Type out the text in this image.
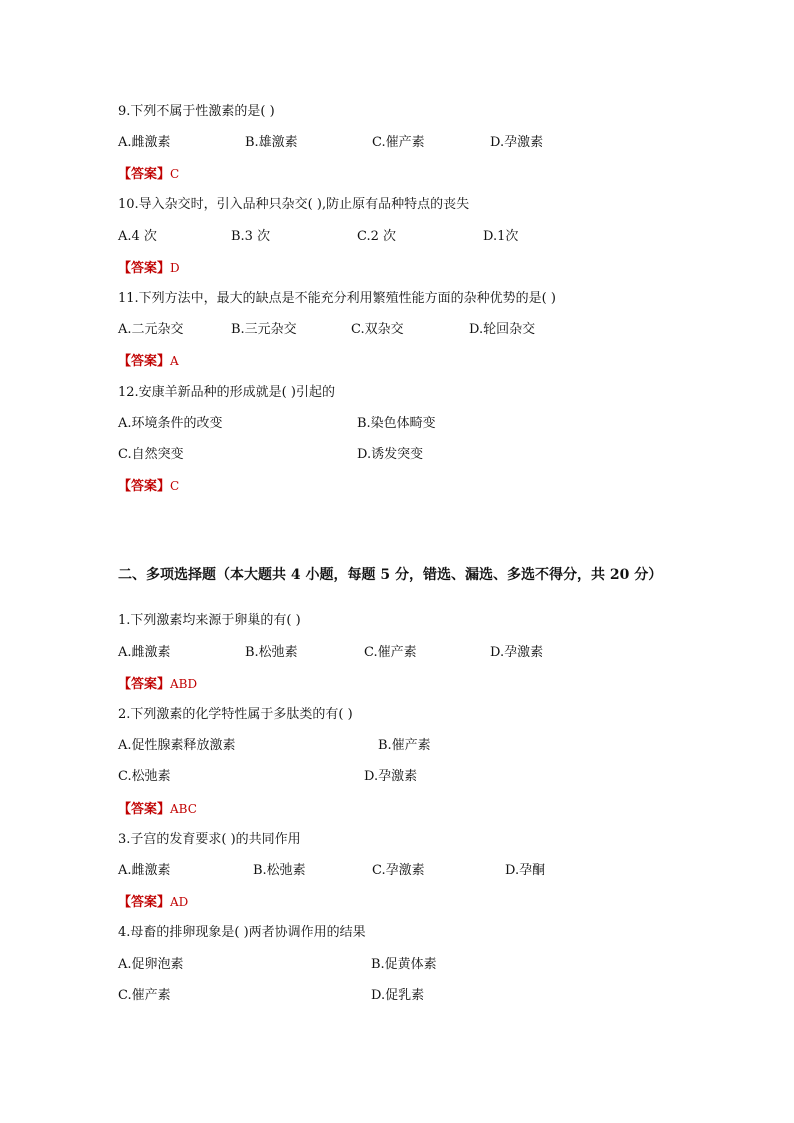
9.下列不属于性激素的是( )
A.雌激素	B.雄激素	C.催产素	D.孕激素
【答案】C
10.导入杂交时，引入品种只杂交( ),防止原有品种特点的丧失
A.4 次	B.3 次	C.2 次	D.1次
【答案】D
11.下列方法中，最大的缺点是不能充分利用繁殖性能方面的杂种优势的是( )
A.二元杂交	B.三元杂交	C.双杂交	D.轮回杂交
【答案】A
12.安康羊新品种的形成就是( )引起的
A.环境条件的改变	B.染色体畸变
C.自然突变	D.诱发突变
【答案】C
二、多项选择题（本大题共 4 小题，每题 5 分，错选、漏选、多选不得分，共 20 分）
1.下列激素均来源于卵巢的有( )
A.雌激素	B.松弛素	C.催产素	D.孕激素
【答案】ABD
2.下列激素的化学特性属于多肽类的有( )
A.促性腺素释放激素	B.催产素
C.松弛素	D.孕激素
【答案】ABC
3.子宫的发育要求( )的共同作用
A.雌激素	B.松弛素	C.孕激素	D.孕酮
【答案】AD
4.母畜的排卵现象是( )两者协调作用的结果
A.促卵泡素	B.促黄体素
C.催产素	D.促乳素
